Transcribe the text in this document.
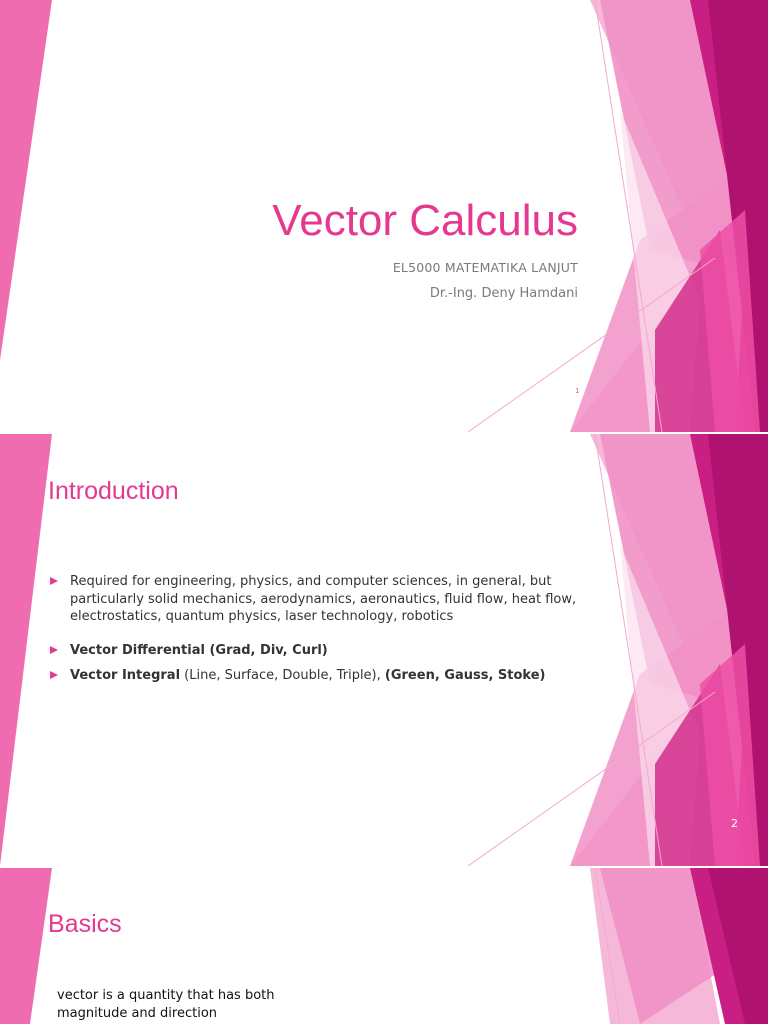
Vector Calculus
EL5000 MATEMATIKA LANJUT
Dr.-Ing. Deny Hamdani
1
Introduction
Required for engineering, physics, and computer sciences, in general, but particularly solid mechanics, aerodynamics, aeronautics, fluid flow, heat flow, electrostatics, quantum physics, laser technology, robotics
Vector Differential (Grad, Div, Curl)
Vector Integral (Line, Surface, Double, Triple), (Green, Gauss, Stoke)
2
Basics
vector is a quantity that has both magnitude and direction
